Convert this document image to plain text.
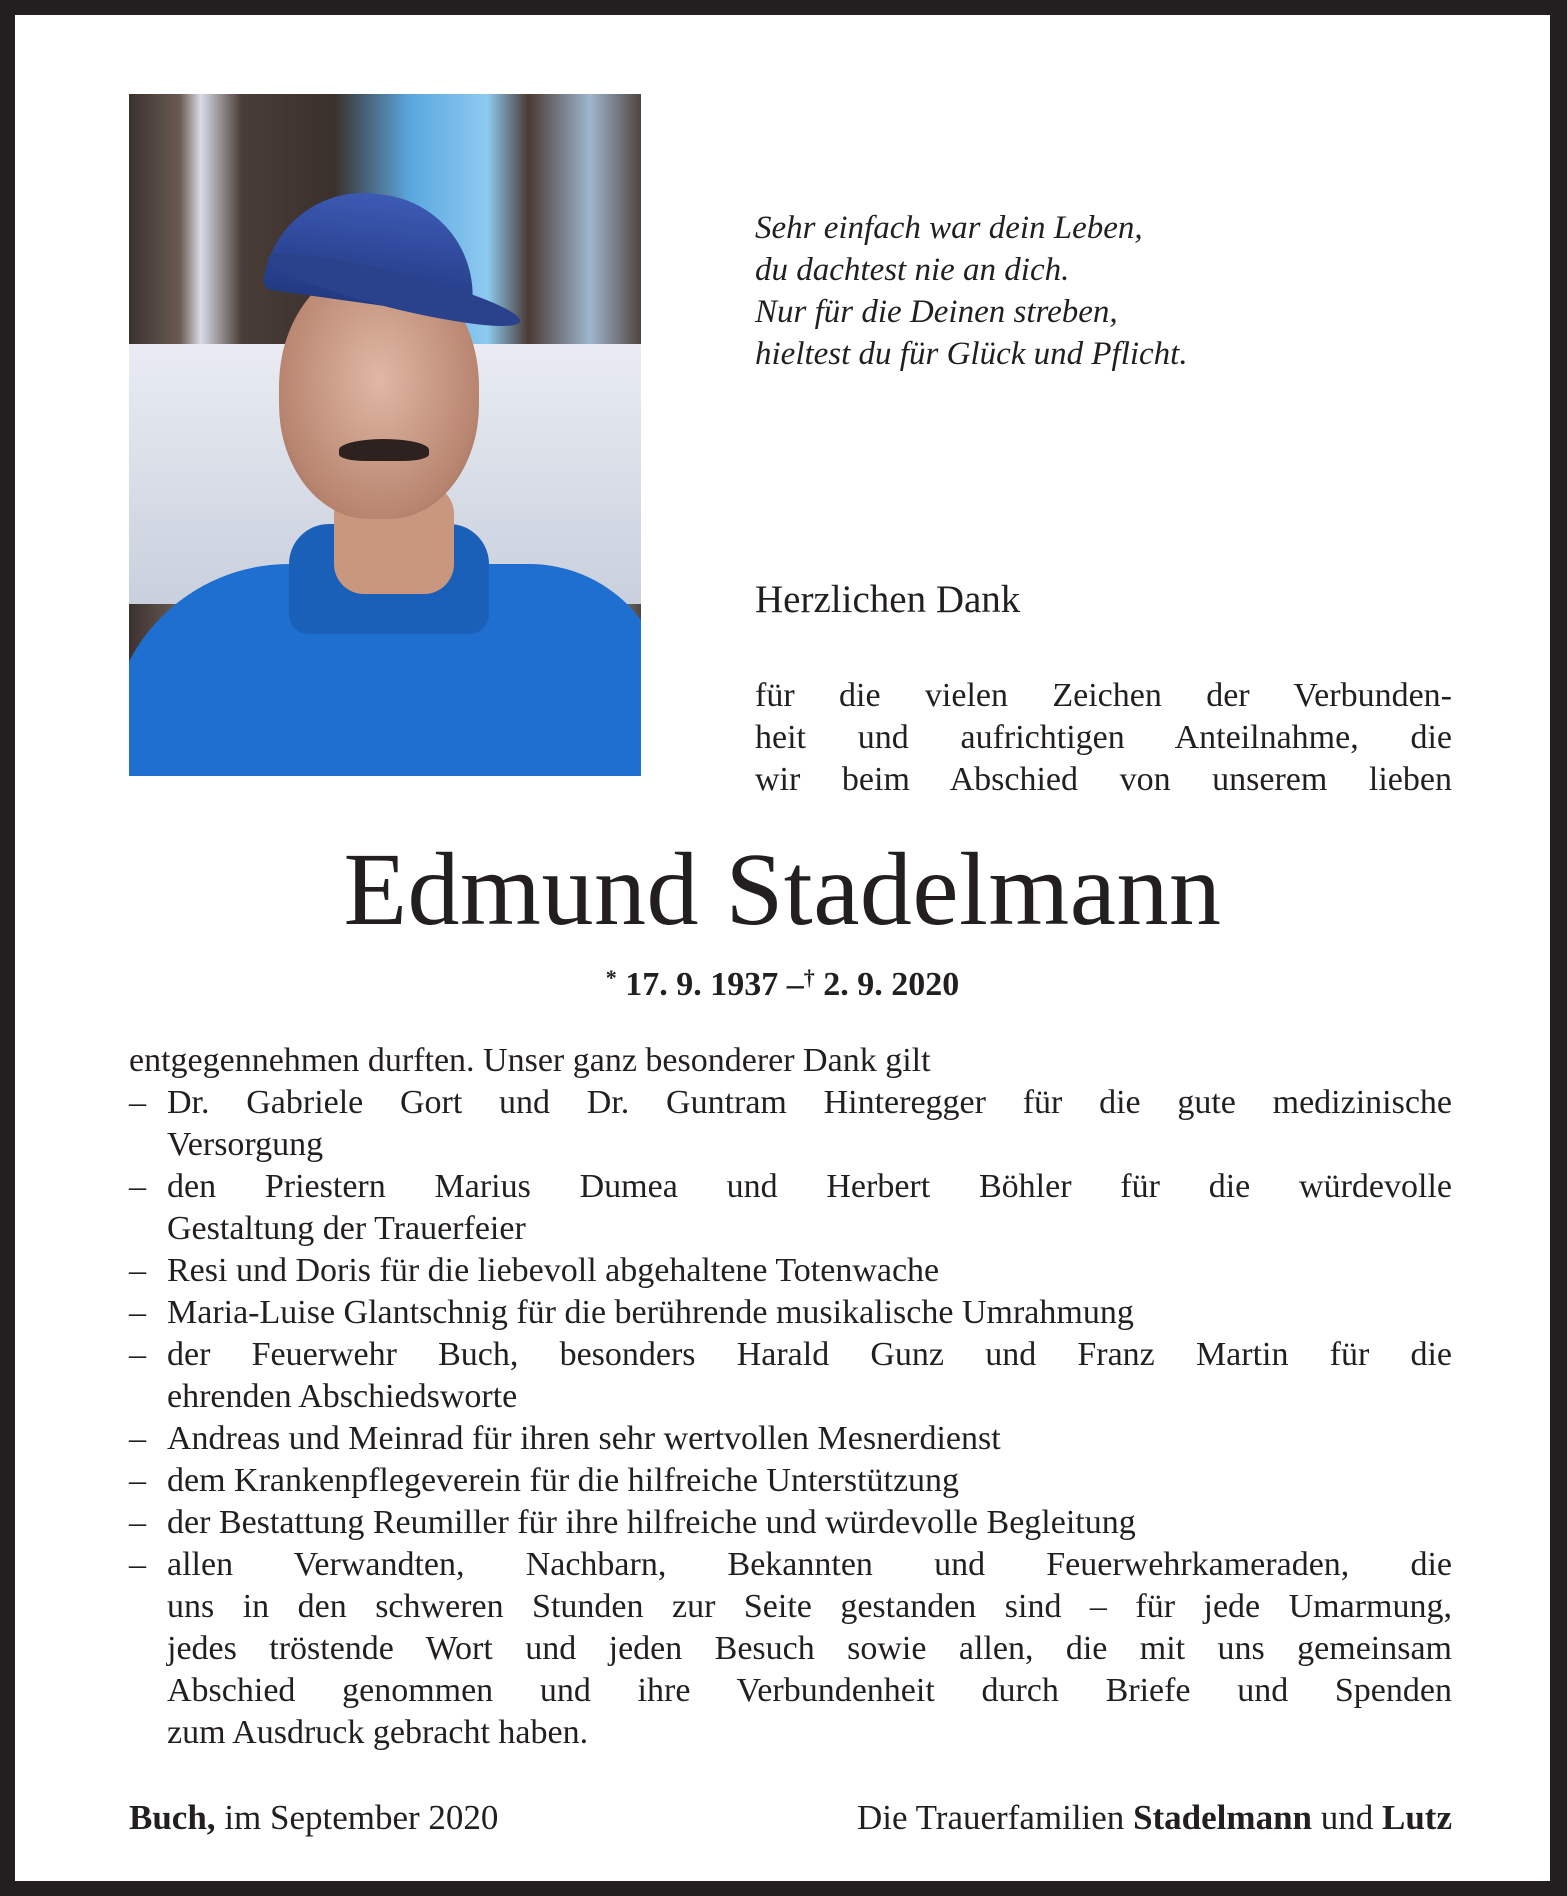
Sehr einfach war dein Leben,
du dachtest nie an dich.
Nur für die Deinen streben,
hieltest du für Glück und Pflicht.
Herzlichen Dank
für die vielen Zeichen der Verbunden-
heit und aufrichtigen Anteilnahme, die
wir beim Abschied von unserem lieben
Edmund Stadelmann
* 17. 9. 1937 –† 2. 9. 2020
entgegennehmen durften. Unser ganz besonderer Dank gilt
– Dr. Gabriele Gort und Dr. Guntram Hinteregger für die gute medizinische
Versorgung
– den Priestern Marius Dumea und Herbert Böhler für die würdevolle
Gestaltung der Trauerfeier
– Resi und Doris für die liebevoll abgehaltene Totenwache
– Maria-Luise Glantschnig für die berührende musikalische Umrahmung
– der Feuerwehr Buch, besonders Harald Gunz und Franz Martin für die
ehrenden Abschiedsworte
– Andreas und Meinrad für ihren sehr wertvollen Mesnerdienst
– dem Krankenpflegeverein für die hilfreiche Unterstützung
– der Bestattung Reumiller für ihre hilfreiche und würdevolle Begleitung
– allen Verwandten, Nachbarn, Bekannten und Feuerwehrkameraden, die
uns in den schweren Stunden zur Seite gestanden sind – für jede Umarmung,
jedes tröstende Wort und jeden Besuch sowie allen, die mit uns gemeinsam
Abschied genommen und ihre Verbundenheit durch Briefe und Spenden
zum Ausdruck gebracht haben.
Buch, im September 2020	Die Trauerfamilien Stadelmann und Lutz
